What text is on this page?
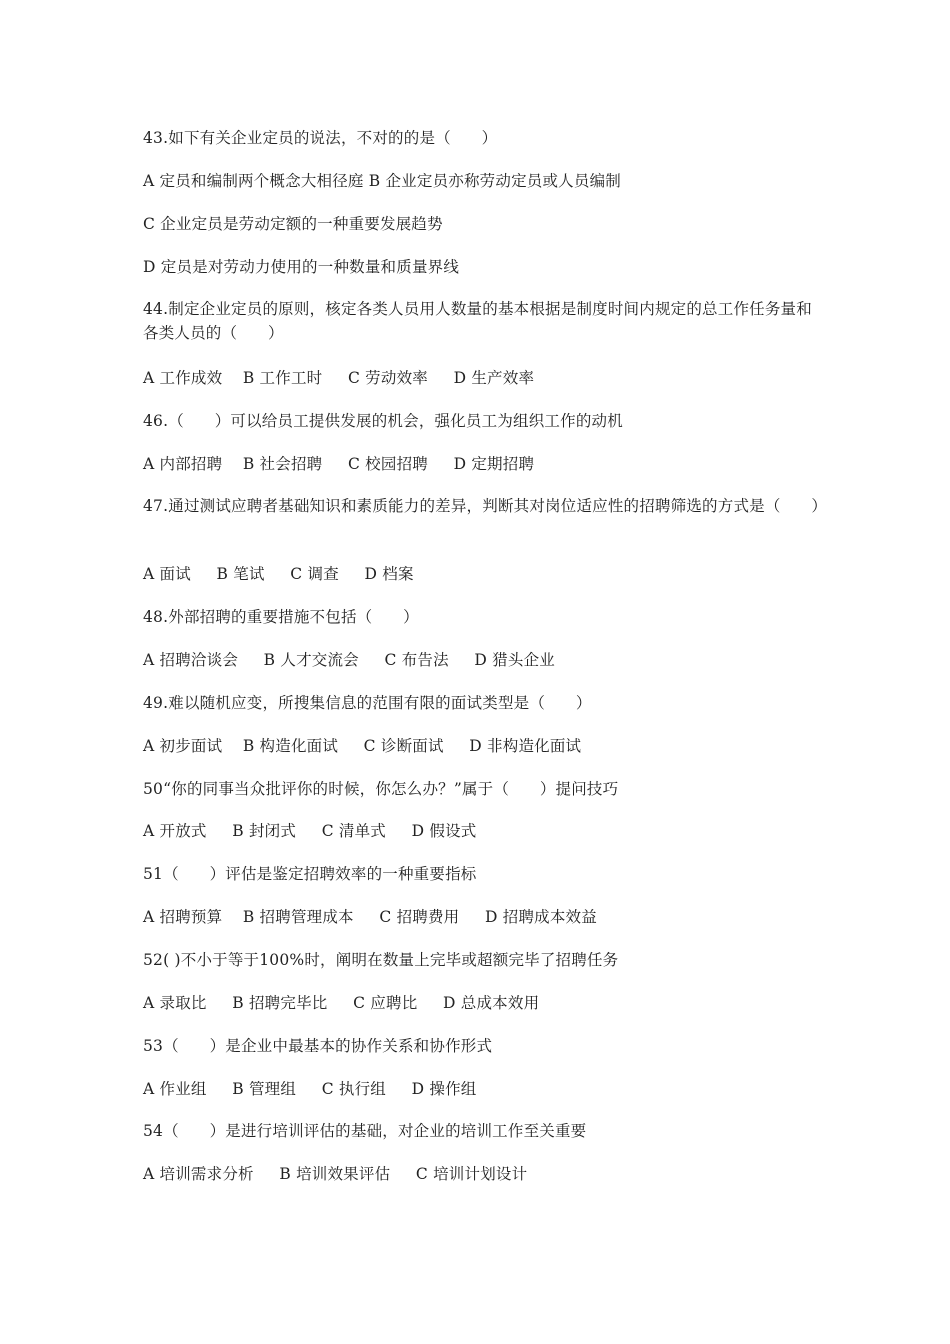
43.如下有关企业定员的说法，不对的的是（      ）
A 定员和编制两个概念大相径庭 B 企业定员亦称劳动定员或人员编制
C 企业定员是劳动定额的一种重要发展趋势
D 定员是对劳动力使用的一种数量和质量界线
44.制定企业定员的原则，核定各类人员用人数量的基本根据是制度时间内规定的总工作任务量和各类人员的（      ）
A 工作成效    B 工作工时     C 劳动效率     D 生产效率
46.（      ）可以给员工提供发展的机会，强化员工为组织工作的动机
A 内部招聘    B 社会招聘     C 校园招聘     D 定期招聘
47.通过测试应聘者基础知识和素质能力的差异，判断其对岗位适应性的招聘筛选的方式是（      ）
A 面试     B 笔试     C 调查     D 档案
48.外部招聘的重要措施不包括（      ）
A 招聘洽谈会     B 人才交流会     C 布告法     D 猎头企业
49.难以随机应变，所搜集信息的范围有限的面试类型是（      ）
A 初步面试    B 构造化面试     C 诊断面试     D 非构造化面试
50“你的同事当众批评你的时候，你怎么办？”属于（      ）提问技巧
A 开放式     B 封闭式     C 清单式     D 假设式
51（      ）评估是鉴定招聘效率的一种重要指标
A 招聘预算    B 招聘管理成本     C 招聘费用     D 招聘成本效益
52( )不小于等于100%时，阐明在数量上完毕或超额完毕了招聘任务
A 录取比     B 招聘完毕比     C 应聘比     D 总成本效用
53（      ）是企业中最基本的协作关系和协作形式
A 作业组     B 管理组     C 执行组     D 操作组
54（      ）是进行培训评估的基础，对企业的培训工作至关重要
A 培训需求分析     B 培训效果评估     C 培训计划设计
